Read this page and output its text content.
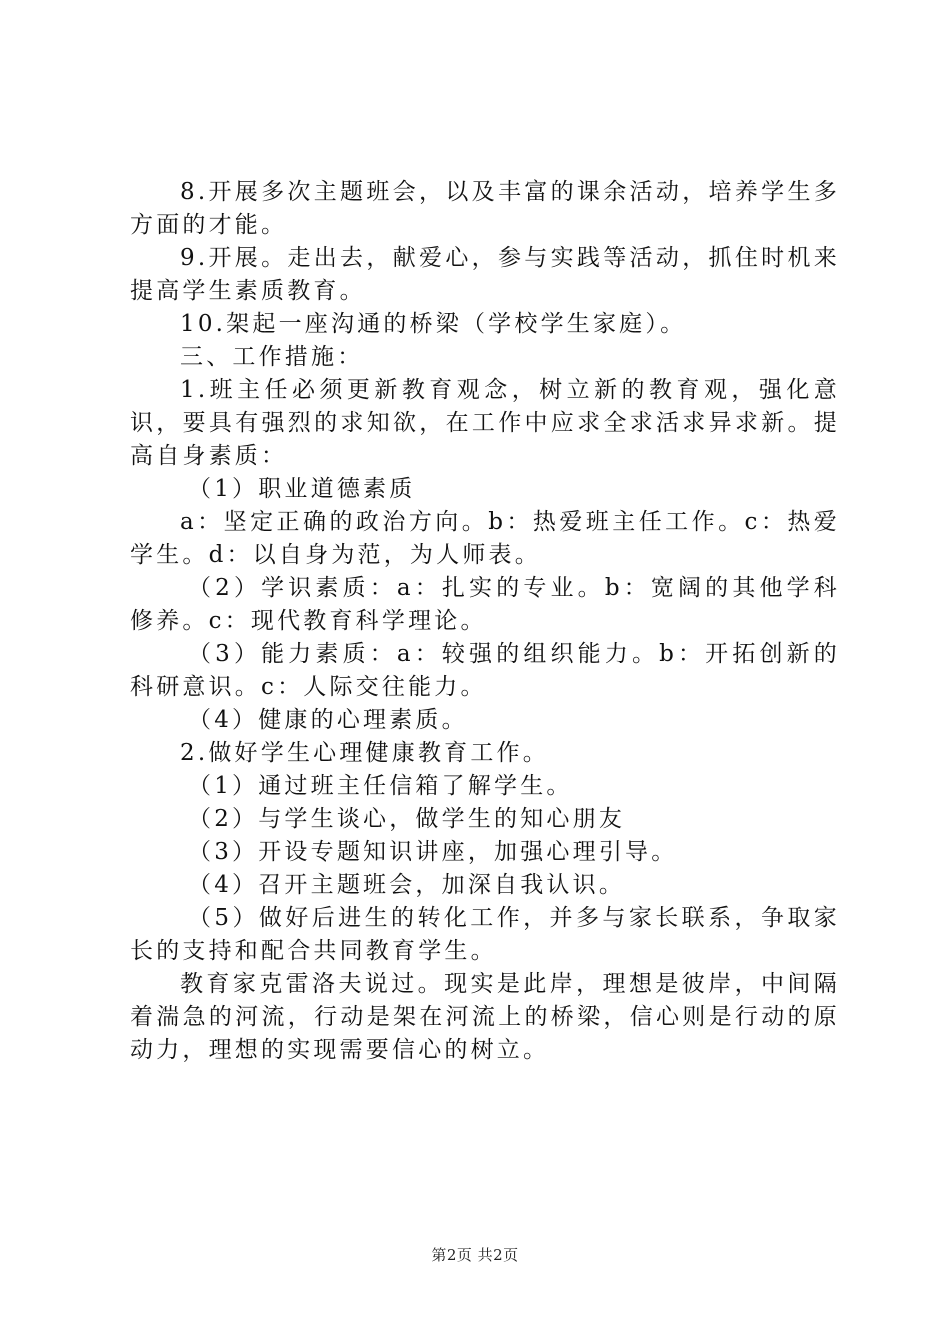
8.开展多次主题班会，以及丰富的课余活动，培养学生多方面的才能。

9.开展。走出去，献爱心，参与实践等活动，抓住时机来提高学生素质教育。

10.架起一座沟通的桥梁（学校学生家庭）。

三、工作措施：

1.班主任必须更新教育观念，树立新的教育观，强化意识，要具有强烈的求知欲，在工作中应求全求活求异求新。提高自身素质：

（1）职业道德素质

a：坚定正确的政治方向。b：热爱班主任工作。c：热爱学生。d：以自身为范，为人师表。

（2）学识素质：a：扎实的专业。b：宽阔的其他学科修养。c：现代教育科学理论。

（3）能力素质：a：较强的组织能力。b：开拓创新的科研意识。c：人际交往能力。

（4）健康的心理素质。

2.做好学生心理健康教育工作。

（1）通过班主任信箱了解学生。

（2）与学生谈心，做学生的知心朋友

（3）开设专题知识讲座，加强心理引导。

（4）召开主题班会，加深自我认识。

（5）做好后进生的转化工作，并多与家长联系，争取家长的支持和配合共同教育学生。

教育家克雷洛夫说过。现实是此岸，理想是彼岸，中间隔着湍急的河流，行动是架在河流上的桥梁，信心则是行动的原动力，理想的实现需要信心的树立。

第2页 共2页
